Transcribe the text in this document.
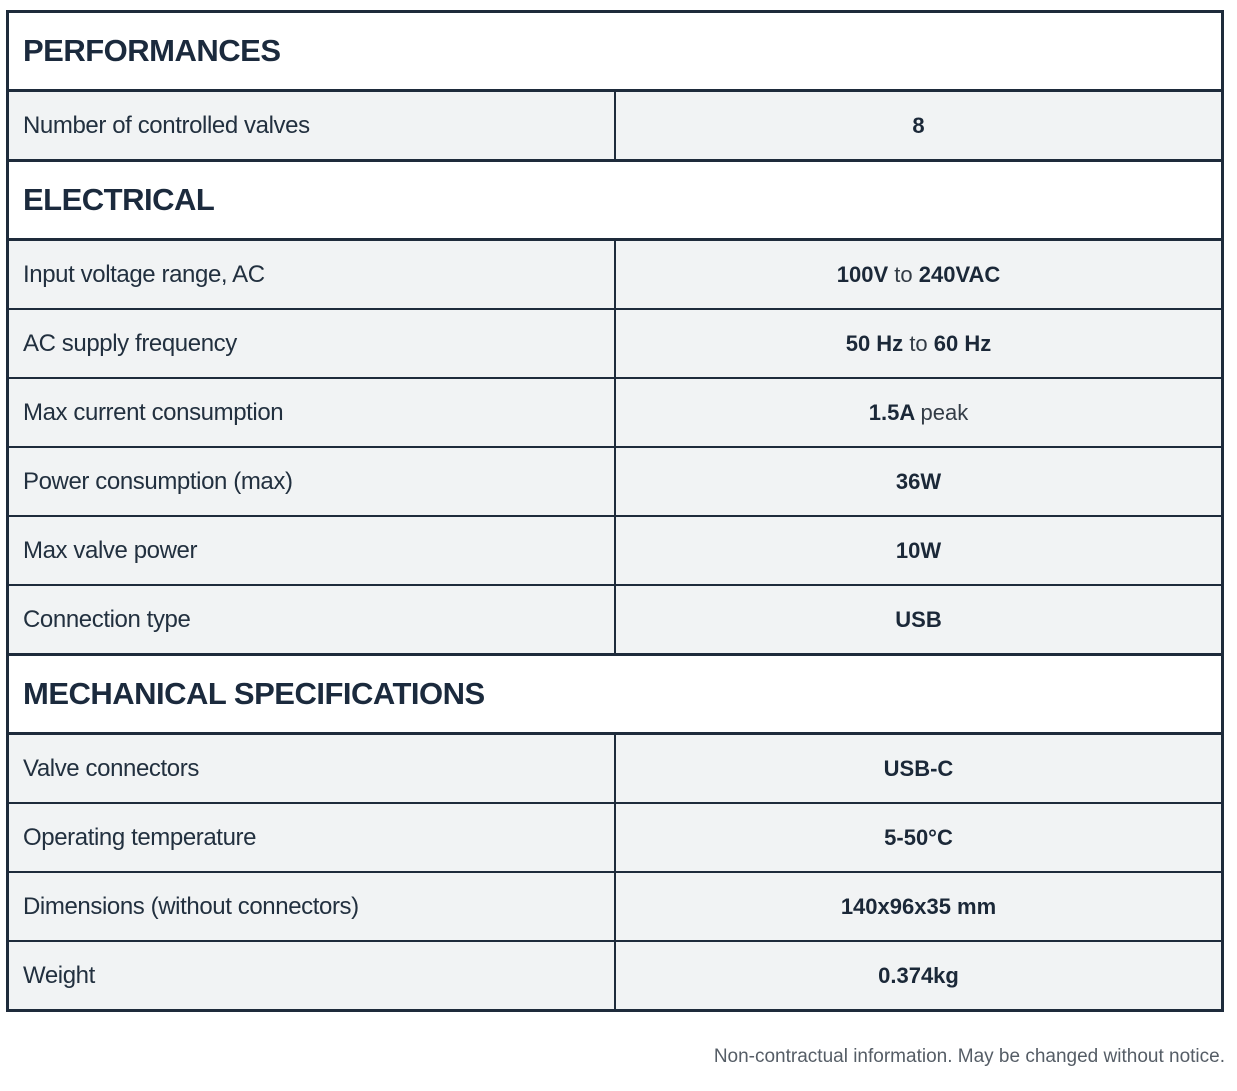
PERFORMANCES	
Number of controlled valves	8
ELECTRICAL	
Input voltage range, AC	100V to 240VAC
AC supply frequency	50 Hz to 60 Hz
Max current consumption	1.5A peak
Power consumption (max)	36W
Max valve power	10W
Connection type	USB
MECHANICAL SPECIFICATIONS	
Valve connectors	USB-C
Operating temperature	5-50°C
Dimensions (without connectors)	140x96x35 mm
Weight	0.374kg
Non-contractual information. May be changed without notice.
